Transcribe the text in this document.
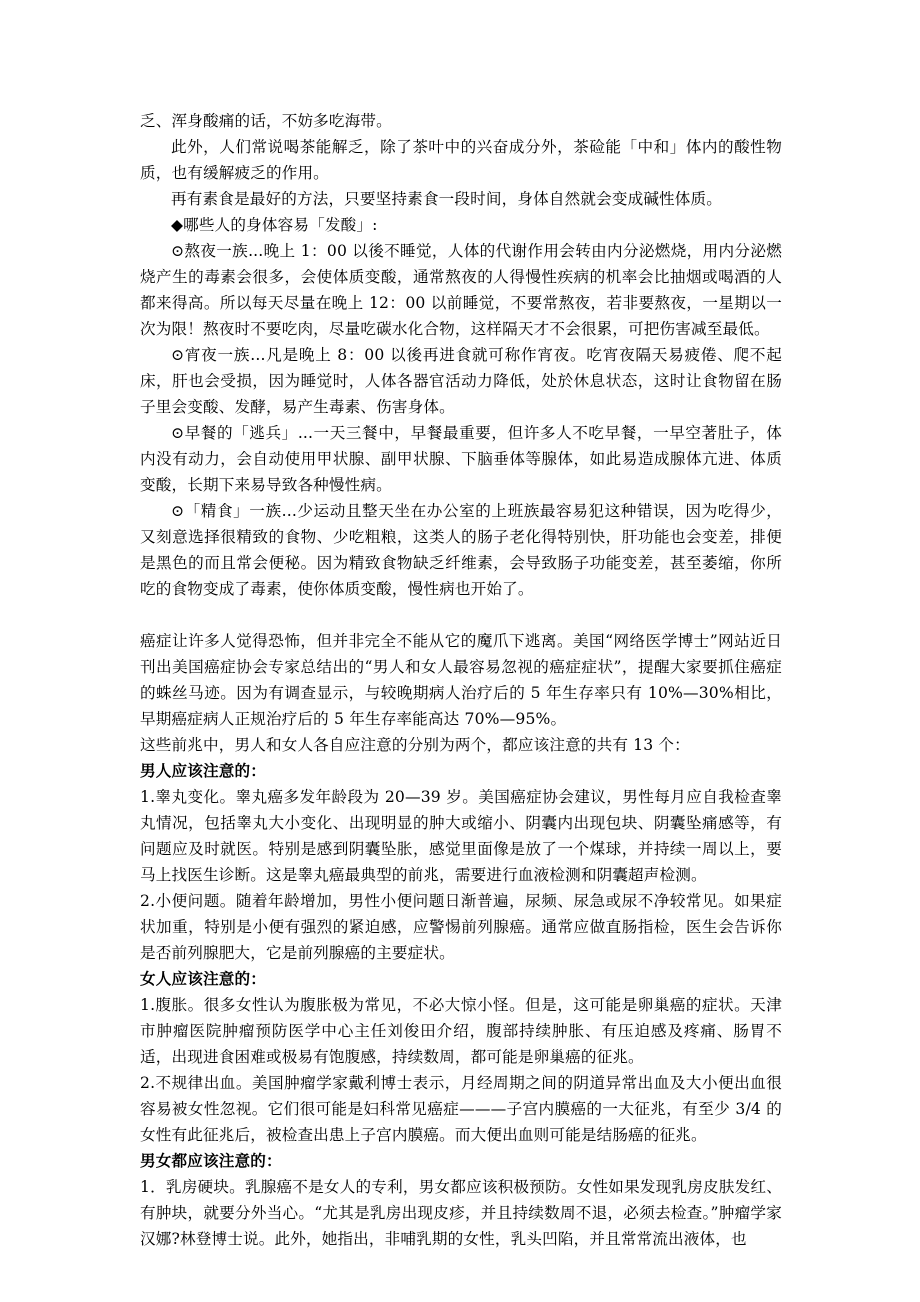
乏、浑身酸痛的话，不妨多吃海带。

此外，人们常说喝茶能解乏，除了茶叶中的兴奋成分外，茶硷能「中和」体内的酸性物质，也有缓解疲乏的作用。

再有素食是最好的方法，只要坚持素食一段时间，身体自然就会变成碱性体质。

◆哪些人的身体容易「发酸」:

⊙熬夜一族...晚上 1：00 以後不睡觉，人体的代谢作用会转由内分泌燃烧，用内分泌燃烧产生的毒素会很多，会使体质变酸，通常熬夜的人得慢性疾病的机率会比抽烟或喝酒的人都来得高。所以每天尽量在晚上 12：00 以前睡觉，不要常熬夜，若非要熬夜，一星期以一次为限！熬夜时不要吃肉，尽量吃碳水化合物，这样隔天才不会很累，可把伤害减至最低。

⊙宵夜一族...凡是晚上 8：00 以後再进食就可称作宵夜。吃宵夜隔天易疲倦、爬不起床，肝也会受损，因为睡觉时，人体各器官活动力降低，处於休息状态，这时让食物留在肠子里会变酸、发酵，易产生毒素、伤害身体。

⊙早餐的「逃兵」...一天三餐中，早餐最重要，但许多人不吃早餐，一早空著肚子，体内没有动力，会自动使用甲状腺、副甲状腺、下脑垂体等腺体，如此易造成腺体亢进、体质变酸，长期下来易导致各种慢性病。

⊙「精食」一族...少运动且整天坐在办公室的上班族最容易犯这种错误，因为吃得少，又刻意选择很精致的食物、少吃粗粮，这类人的肠子老化得特别快，肝功能也会变差，排便是黑色的而且常会便秘。因为精致食物缺乏纤维素，会导致肠子功能变差，甚至萎缩，你所吃的食物变成了毒素，使你体质变酸，慢性病也开始了。

癌症让许多人觉得恐怖，但并非完全不能从它的魔爪下逃离。美国“网络医学博士”网站近日刊出美国癌症协会专家总结出的“男人和女人最容易忽视的癌症症状”，提醒大家要抓住癌症的蛛丝马迹。因为有调查显示，与较晚期病人治疗后的 5 年生存率只有 10%—30%相比，早期癌症病人正规治疗后的 5 年生存率能高达 70%—95%。

这些前兆中，男人和女人各自应注意的分别为两个，都应该注意的共有 13 个：

男人应该注意的：

1.睾丸变化。睾丸癌多发年龄段为 20—39 岁。美国癌症协会建议，男性每月应自我检查睾丸情况，包括睾丸大小变化、出现明显的肿大或缩小、阴囊内出现包块、阴囊坠痛感等，有问题应及时就医。特别是感到阴囊坠胀，感觉里面像是放了一个煤球，并持续一周以上，要马上找医生诊断。这是睾丸癌最典型的前兆，需要进行血液检测和阴囊超声检测。

2.小便问题。随着年龄增加，男性小便问题日渐普遍，尿频、尿急或尿不净较常见。如果症状加重，特别是小便有强烈的紧迫感，应警惕前列腺癌。通常应做直肠指检，医生会告诉你是否前列腺肥大，它是前列腺癌的主要症状。

女人应该注意的：

1.腹胀。很多女性认为腹胀极为常见，不必大惊小怪。但是，这可能是卵巢癌的症状。天津市肿瘤医院肿瘤预防医学中心主任刘俊田介绍，腹部持续肿胀、有压迫感及疼痛、肠胃不适，出现进食困难或极易有饱腹感，持续数周，都可能是卵巢癌的征兆。

2.不规律出血。美国肿瘤学家戴利博士表示，月经周期之间的阴道异常出血及大小便出血很容易被女性忽视。它们很可能是妇科常见癌症———子宫内膜癌的一大征兆，有至少 3/4 的女性有此征兆后，被检查出患上子宫内膜癌。而大便出血则可能是结肠癌的征兆。

男女都应该注意的：

1．乳房硬块。乳腺癌不是女人的专利，男女都应该积极预防。女性如果发现乳房皮肤发红、有肿块，就要分外当心。“尤其是乳房出现皮疹，并且持续数周不退，必须去检查。”肿瘤学家汉娜?林登博士说。此外，她指出，非哺乳期的女性，乳头凹陷，并且常常流出液体，也
